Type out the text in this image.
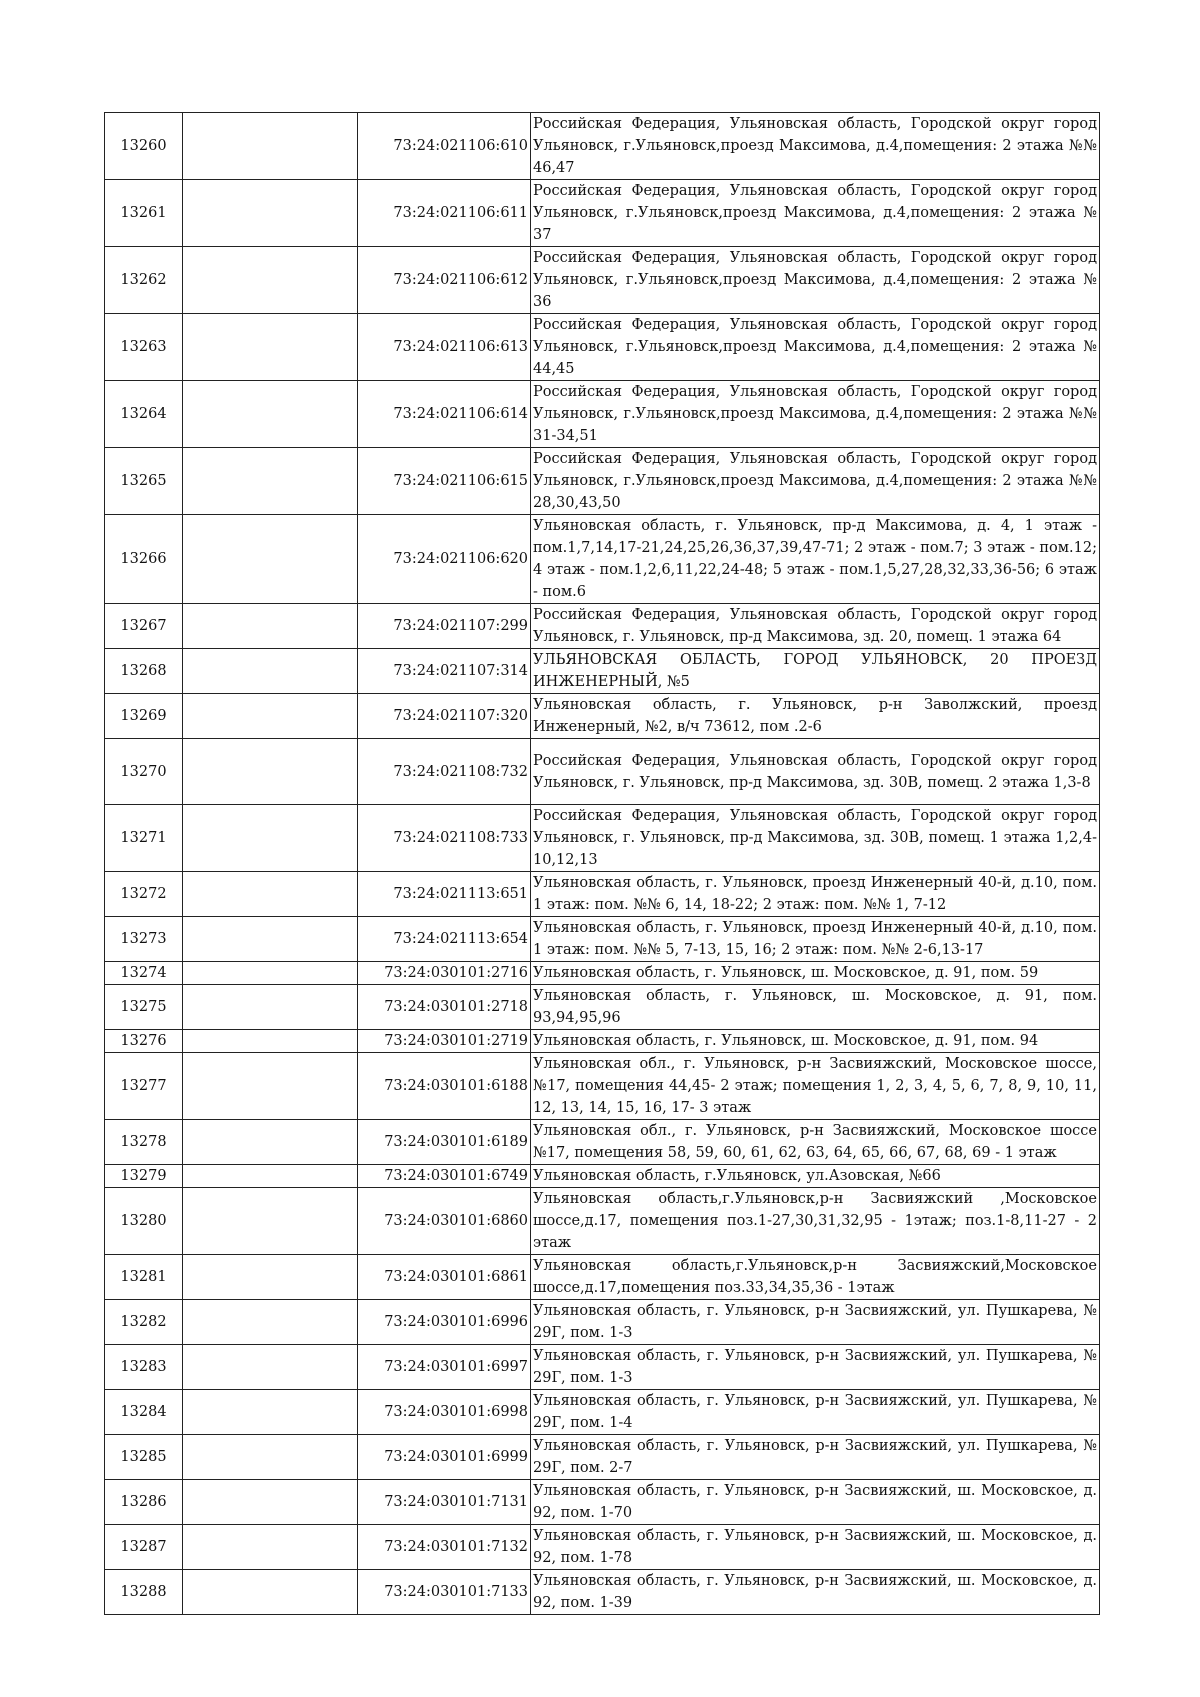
13260		73:24:021106:610	Российская Федерация, Ульяновская область, Городской округ город Ульяновск, г.Ульяновск,проезд Максимова, д.4,помещения: 2 этажа №№ 46,47
13261		73:24:021106:611	Российская Федерация, Ульяновская область, Городской округ город Ульяновск, г.Ульяновск,проезд Максимова, д.4,помещения: 2 этажа № 37
13262		73:24:021106:612	Российская Федерация, Ульяновская область, Городской округ город Ульяновск, г.Ульяновск,проезд Максимова, д.4,помещения: 2 этажа № 36
13263		73:24:021106:613	Российская Федерация, Ульяновская область, Городской округ город Ульяновск, г.Ульяновск,проезд Максимова, д.4,помещения: 2 этажа № 44,45
13264		73:24:021106:614	Российская Федерация, Ульяновская область, Городской округ город Ульяновск, г.Ульяновск,проезд Максимова, д.4,помещения: 2 этажа №№ 31-34,51
13265		73:24:021106:615	Российская Федерация, Ульяновская область, Городской округ город Ульяновск, г.Ульяновск,проезд Максимова, д.4,помещения: 2 этажа №№ 28,30,43,50
13266		73:24:021106:620	Ульяновская область, г. Ульяновск, пр-д Максимова, д. 4, 1 этаж - пом.1,7,14,17-21,24,25,26,36,37,39,47-71; 2 этаж - пом.7; 3 этаж - пом.12; 4 этаж - пом.1,2,6,11,22,24-48; 5 этаж - пом.1,5,27,28,32,33,36-56; 6 этаж - пом.6
13267		73:24:021107:299	Российская Федерация, Ульяновская область, Городской округ город Ульяновск, г. Ульяновск, пр-д Максимова, зд. 20, помещ. 1 этажа 64
13268		73:24:021107:314	УЛЬЯНОВСКАЯ ОБЛАСТЬ, ГОРОД УЛЬЯНОВСК, 20 ПРОЕЗД ИНЖЕНЕРНЫЙ, №5
13269		73:24:021107:320	Ульяновская область, г. Ульяновск, р-н Заволжский, проезд Инженерный, №2, в/ч 73612, пом .2-6
13270		73:24:021108:732	Российская Федерация, Ульяновская область, Городской округ город Ульяновск, г. Ульяновск, пр-д Максимова, зд. 30В, помещ. 2 этажа 1,3-8
13271		73:24:021108:733	Российская Федерация, Ульяновская область, Городской округ город Ульяновск, г. Ульяновск, пр-д Максимова, зд. 30В, помещ. 1 этажа 1,2,4-10,12,13
13272		73:24:021113:651	Ульяновская область, г. Ульяновск, проезд Инженерный 40-й, д.10, пом. 1 этаж: пом. №№ 6, 14, 18-22; 2 этаж: пом. №№ 1, 7-12
13273		73:24:021113:654	Ульяновская область, г. Ульяновск, проезд Инженерный 40-й, д.10, пом. 1 этаж: пом. №№ 5, 7-13, 15, 16; 2 этаж: пом. №№ 2-6,13-17
13274		73:24:030101:2716	Ульяновская область, г. Ульяновск, ш. Московское, д. 91, пом. 59
13275		73:24:030101:2718	Ульяновская область, г. Ульяновск, ш. Московское, д. 91, пом. 93,94,95,96
13276		73:24:030101:2719	Ульяновская область, г. Ульяновск, ш. Московское, д. 91, пом. 94
13277		73:24:030101:6188	Ульяновская обл., г. Ульяновск, р-н Засвияжский, Московское шоссе, №17, помещения 44,45- 2 этаж; помещения 1, 2, 3, 4, 5, 6, 7, 8, 9, 10, 11, 12, 13, 14, 15, 16, 17- 3 этаж
13278		73:24:030101:6189	Ульяновская обл., г. Ульяновск, р-н Засвияжский, Московское шоссе №17, помещения 58, 59, 60, 61, 62, 63, 64, 65, 66, 67, 68, 69 - 1 этаж
13279		73:24:030101:6749	Ульяновская область, г.Ульяновск, ул.Азовская, №66
13280		73:24:030101:6860	Ульяновская область,г.Ульяновск,р-н Засвияжский ,Московское шоссе,д.17, помещения поз.1-27,30,31,32,95 - 1этаж; поз.1-8,11-27 - 2 этаж
13281		73:24:030101:6861	Ульяновская область,г.Ульяновск,р-н Засвияжский,Московское шоссе,д.17,помещения поз.33,34,35,36 - 1этаж
13282		73:24:030101:6996	Ульяновская область, г. Ульяновск, р-н Засвияжский, ул. Пушкарева, № 29Г, пом. 1-3
13283		73:24:030101:6997	Ульяновская область, г. Ульяновск, р-н Засвияжский, ул. Пушкарева, № 29Г, пом. 1-3
13284		73:24:030101:6998	Ульяновская область, г. Ульяновск, р-н Засвияжский, ул. Пушкарева, № 29Г, пом. 1-4
13285		73:24:030101:6999	Ульяновская область, г. Ульяновск, р-н Засвияжский, ул. Пушкарева, № 29Г, пом. 2-7
13286		73:24:030101:7131	Ульяновская область, г. Ульяновск, р-н Засвияжский, ш. Московское, д. 92, пом. 1-70
13287		73:24:030101:7132	Ульяновская область, г. Ульяновск, р-н Засвияжский, ш. Московское, д. 92, пом. 1-78
13288		73:24:030101:7133	Ульяновская область, г. Ульяновск, р-н Засвияжский, ш. Московское, д. 92, пом. 1-39
